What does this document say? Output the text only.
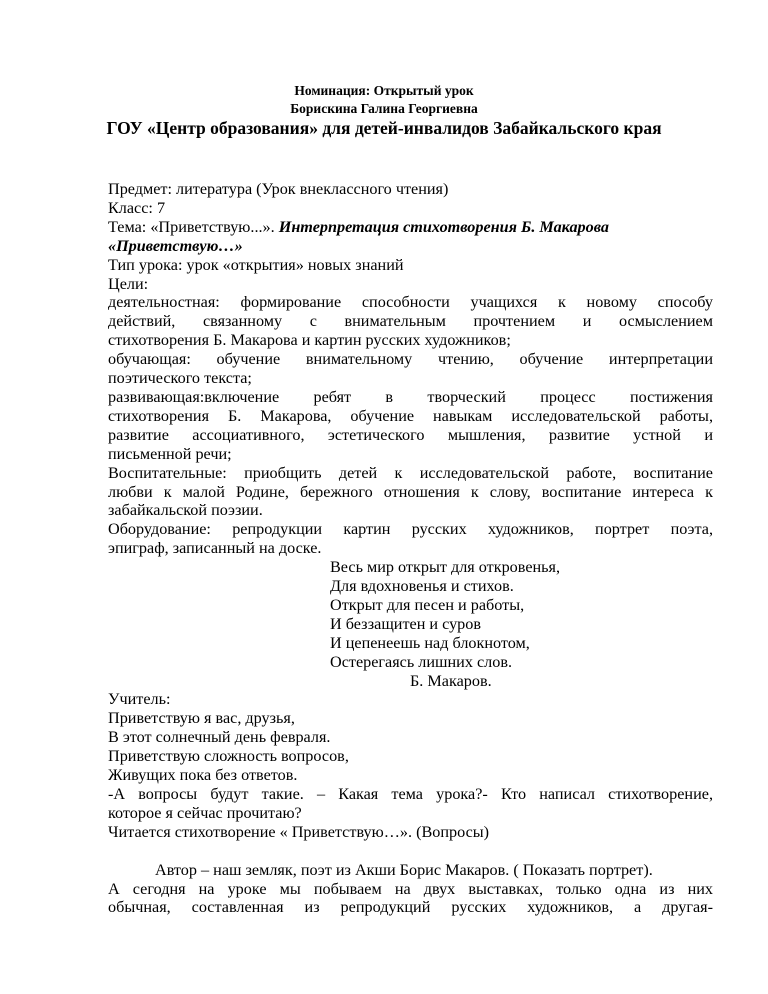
Номинация: Открытый урок
Борискина Галина Георгиевна
ГОУ «Центр образования» для детей-инвалидов Забайкальского края

Предмет: литература (Урок внеклассного чтения)

Класс: 7

Тема: «Приветствую...». Интерпретация стихотворения Б. Макарова

«Приветствую…»

Тип урока: урок «открытия» новых знаний

Цели:

деятельностная: формирование способности учащихся к новому способу

действий, связанному с внимательным прочтением и осмыслением

стихотворения Б. Макарова и картин русских художников;

обучающая: обучение внимательному чтению, обучение интерпретации

поэтического текста;

развивающая:включение ребят в творческий процесс постижения

стихотворения Б. Макарова, обучение навыкам исследовательской работы,

развитие ассоциативного, эстетического мышления, развитие устной и

письменной речи;

Воспитательные: приобщить детей к исследовательской работе, воспитание

любви к малой Родине, бережного отношения к слову, воспитание интереса к

забайкальской поэзии.

Оборудование: репродукции картин русских художников, портрет поэта,

эпиграф, записанный на доске.

Весь мир открыт для откровенья,

Для вдохновенья и стихов.

Открыт для песен и работы,

И беззащитен и суров

И цепенеешь над блокнотом,

Остерегаясь лишних слов.

Б. Макаров.

Учитель:

Приветствую я вас, друзья,

В этот солнечный день февраля.

Приветствую сложность вопросов,

Живущих пока без ответов.

-А вопросы будут такие. – Какая тема урока?- Кто написал стихотворение,

которое я сейчас прочитаю?

Читается стихотворение « Приветствую…». (Вопросы)

Автор – наш земляк, поэт из Акши Борис Макаров. ( Показать портрет).

А сегодня на уроке мы побываем на двух выставках, только одна из них

обычная, составленная из репродукций русских художников, а другая-
